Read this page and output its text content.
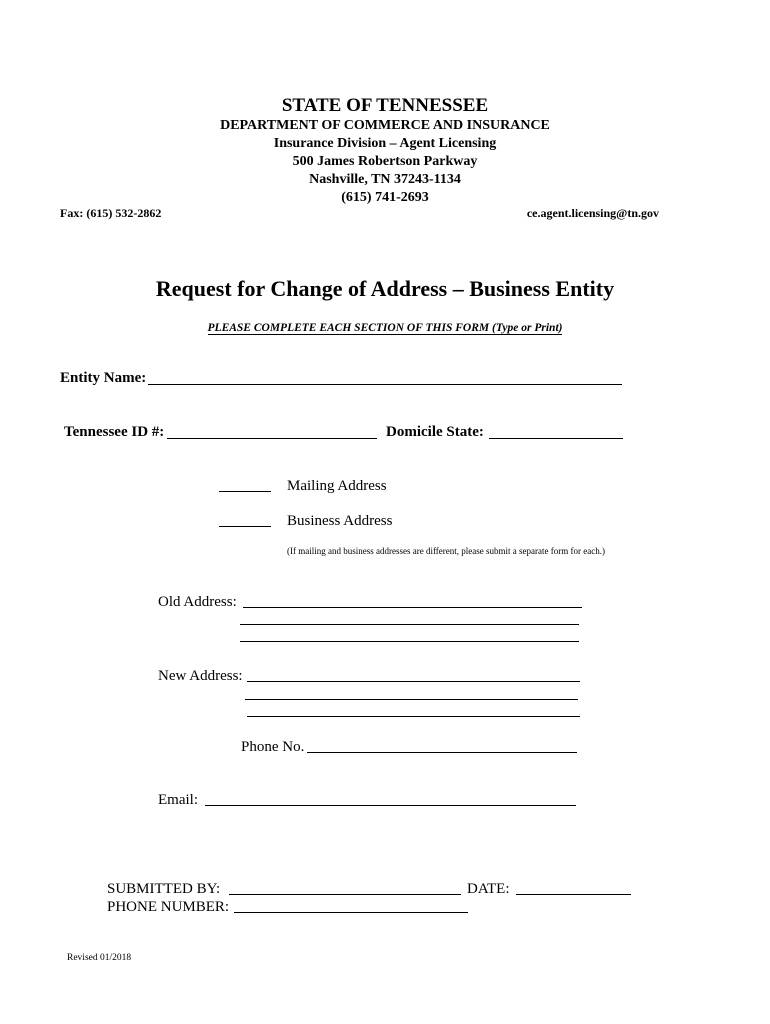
STATE OF TENNESSEE
DEPARTMENT OF COMMERCE AND INSURANCE
Insurance Division – Agent Licensing
500 James Robertson Parkway
Nashville, TN 37243-1134
(615) 741-2693
Fax: (615) 532-2862	ce.agent.licensing@tn.gov
Request for Change of Address – Business Entity
PLEASE COMPLETE EACH SECTION OF THIS FORM (Type or Print)
Entity Name:
Tennessee ID #:	Domicile State:
Mailing Address
Business Address
(If mailing and business addresses are different, please submit a separate form for each.)
Old Address:
New Address:
Phone No.
Email:
SUBMITTED BY:	DATE:
PHONE NUMBER:
Revised 01/2018
